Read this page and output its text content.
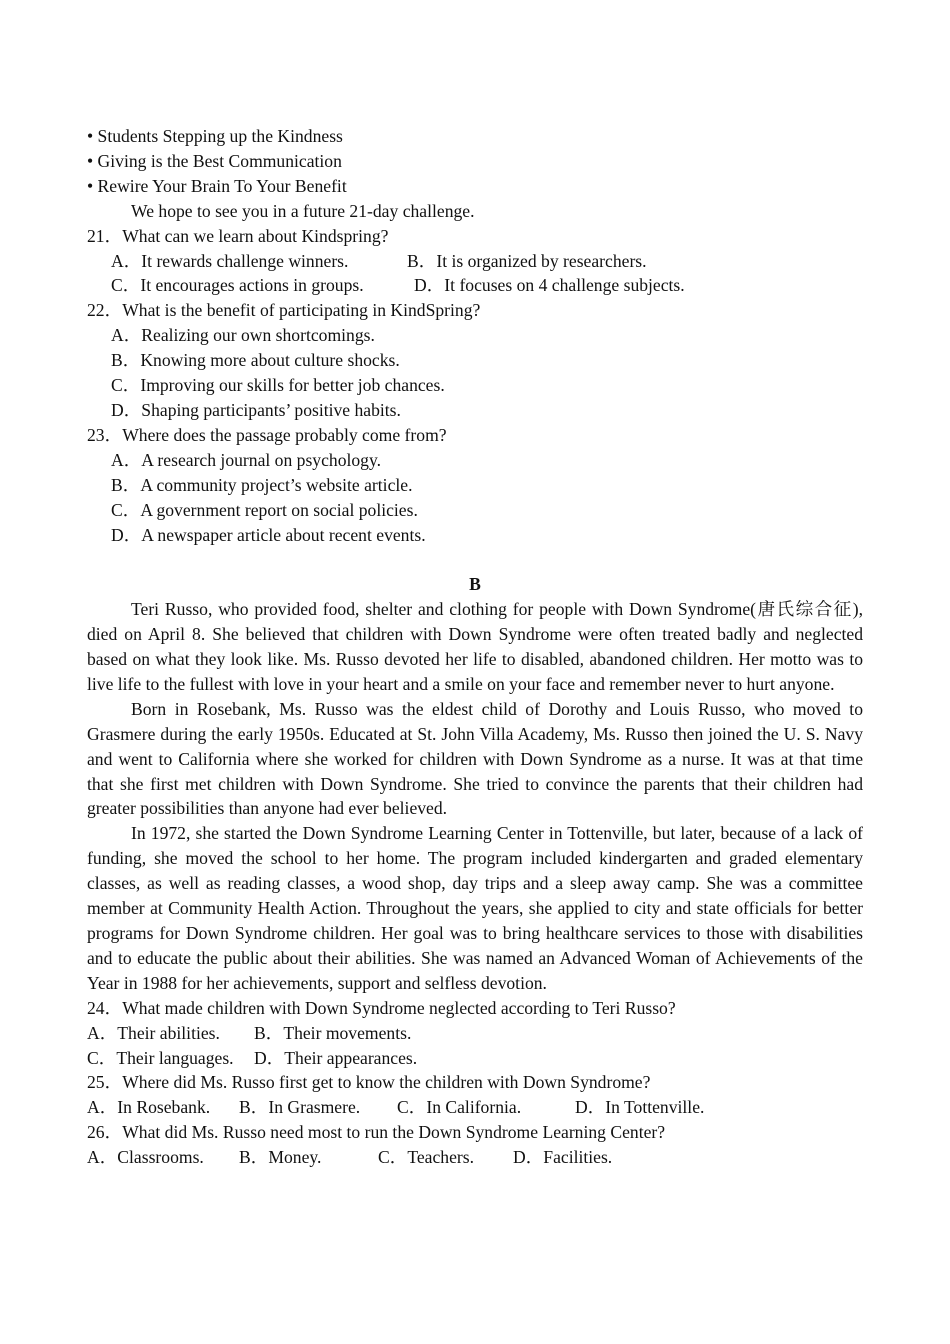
• Students Stepping up the Kindness
• Giving is the Best Communication
• Rewire Your Brain To Your Benefit
We hope to see you in a future 21-day challenge.
21．What can we learn about Kindspring?
A．It rewards challenge winners.	B．It is organized by researchers.
C．It encourages actions in groups.	D．It focuses on 4 challenge subjects.
22．What is the benefit of participating in KindSpring?
A．Realizing our own shortcomings.
B．Knowing more about culture shocks.
C．Improving our skills for better job chances.
D．Shaping participants’ positive habits.
23．Where does the passage probably come from?
A．A research journal on psychology.
B．A community project’s website article.
C．A government report on social policies.
D．A newspaper article about recent events.
B
Teri Russo, who provided food, shelter and clothing for people with Down Syndrome(唐氏综合征), died on April 8. She believed that children with Down Syndrome were often treated badly and neglected based on what they look like. Ms. Russo devoted her life to disabled, abandoned children. Her motto was to live life to the fullest with love in your heart and a smile on your face and remember never to hurt anyone.
Born in Rosebank, Ms. Russo was the eldest child of Dorothy and Louis Russo, who moved to Grasmere during the early 1950s. Educated at St. John Villa Academy, Ms. Russo then joined the U. S. Navy and went to California where she worked for children with Down Syndrome as a nurse. It was at that time that she first met children with Down Syndrome. She tried to convince the parents that their children had greater possibilities than anyone had ever believed.
In 1972, she started the Down Syndrome Learning Center in Tottenville, but later, because of a lack of funding, she moved the school to her home. The program included kindergarten and graded elementary classes, as well as reading classes, a wood shop, day trips and a sleep away camp. She was a committee member at Community Health Action. Throughout the years, she applied to city and state officials for better programs for Down Syndrome children. Her goal was to bring healthcare services to those with disabilities and to educate the public about their abilities. She was named an Advanced Woman of Achievements of the Year in 1988 for her achievements, support and selfless devotion.
24．What made children with Down Syndrome neglected according to Teri Russo?
A．Their abilities. B．Their movements.
C．Their languages. D．Their appearances.
25．Where did Ms. Russo first get to know the children with Down Syndrome?
A．In Rosebank. B．In Grasmere. C．In California.	D．In Tottenville.
26．What did Ms. Russo need most to run the Down Syndrome Learning Center?
A．Classrooms. B．Money.	C．Teachers. D．Facilities.
